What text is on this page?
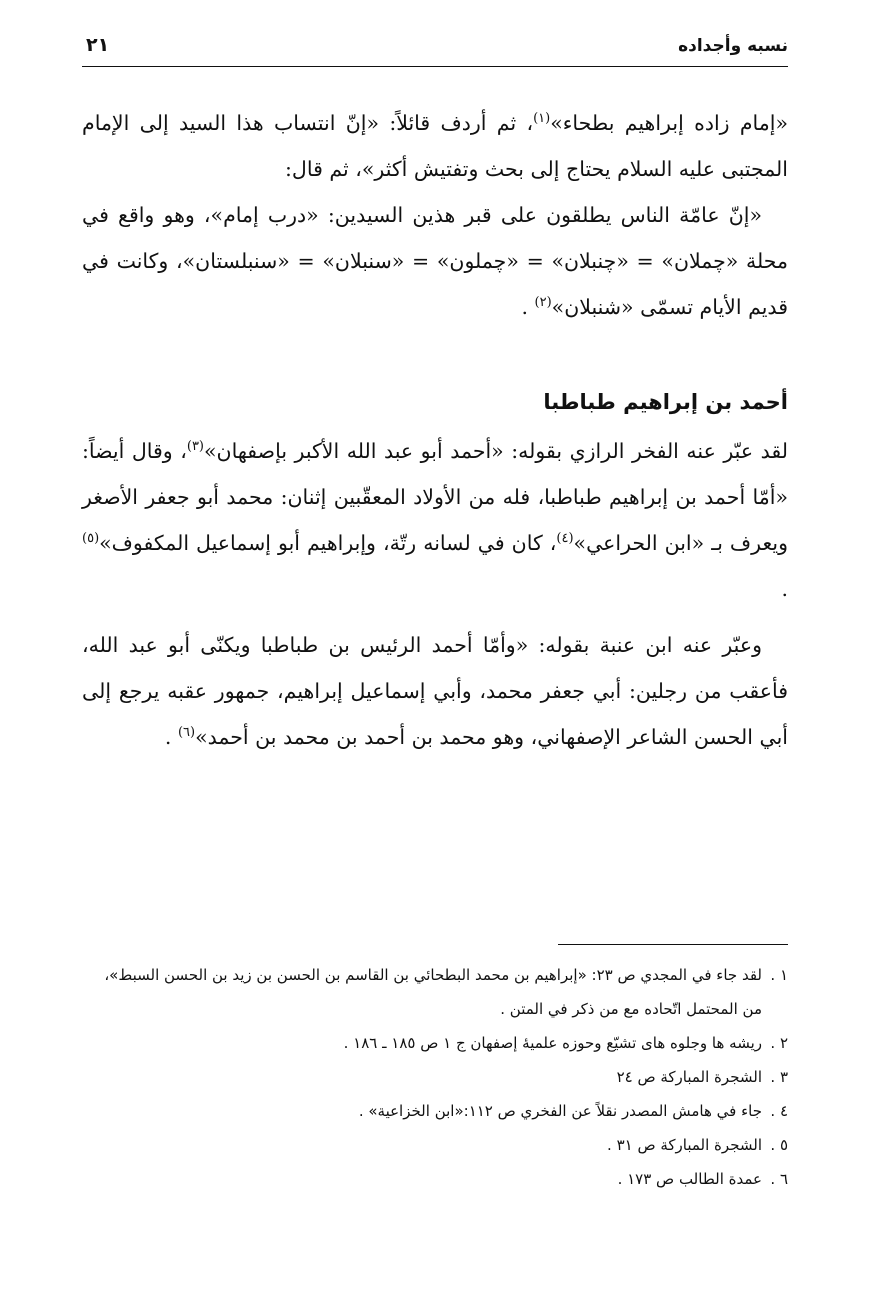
نسبه وأجداده
٢١

«إمام زاده إبراهيم بطحاء»$^{(١)}$، ثم أردف قائلاً: «إنّ انتساب هذا السيد إلى الإمام المجتبى عليه السلام يحتاج إلى بحث وتفتيش أكثر»، ثم قال:

«إنّ عامّة الناس يطلقون على قبر هذين السيدين: «درب إمام»، وهو واقع في محلة «چملان» = «چنبلان» = «چملون» = «سنبلان» = «سنبلستان»، وكانت في قديم الأيام تسمّى «شنبلان»$^{(٢)}$ .

أحمد بن إبراهيم طباطبا

لقد عبّر عنه الفخر الرازي بقوله: «أحمد أبو عبد الله الأكبر بإصفهان»$^{(٣)}$، وقال أيضاً: «أمّا أحمد بن إبراهيم طباطبا، فله من الأولاد المعقّبين إثنان: محمد أبو جعفر الأصغر ويعرف بـ «ابن الحراعي»$^{(٤)}$، كان في لسانه رتّة، وإبراهيم أبو إسماعيل المكفوف»$^{(٥)}$ .

وعبّر عنه ابن عنبة بقوله: «وأمّا أحمد الرئيس بن طباطبا ويكنّى أبو عبد الله، فأعقب من رجلين: أبي جعفر محمد، وأبي إسماعيل إبراهيم، جمهور عقبه يرجع إلى أبي الحسن الشاعر الإصفهاني، وهو محمد بن أحمد بن محمد بن أحمد»$^{(٦)}$ .

١ .
لقد جاء في المجدي ص ٢٣: «إبراهيم بن محمد البطحائي بن القاسم بن الحسن بن زيد بن الحسن السبط»، من المحتمل اتّحاده مع من ذكر في المتن .

٢ .
ريشه ها وجلوه هاى تشيّع وحوزه علميۀ إصفهان ج ١ ص ١٨٥ ـ ١٨٦ .

٣ .
الشجرة المباركة ص ٢٤

٤ .
جاء في هامش المصدر نقلاً عن الفخري ص ١١٢:«ابن الخزاعية» .

٥ .
الشجرة المباركة ص ٣١ .

٦ .
عمدة الطالب ص ١٧٣ .
